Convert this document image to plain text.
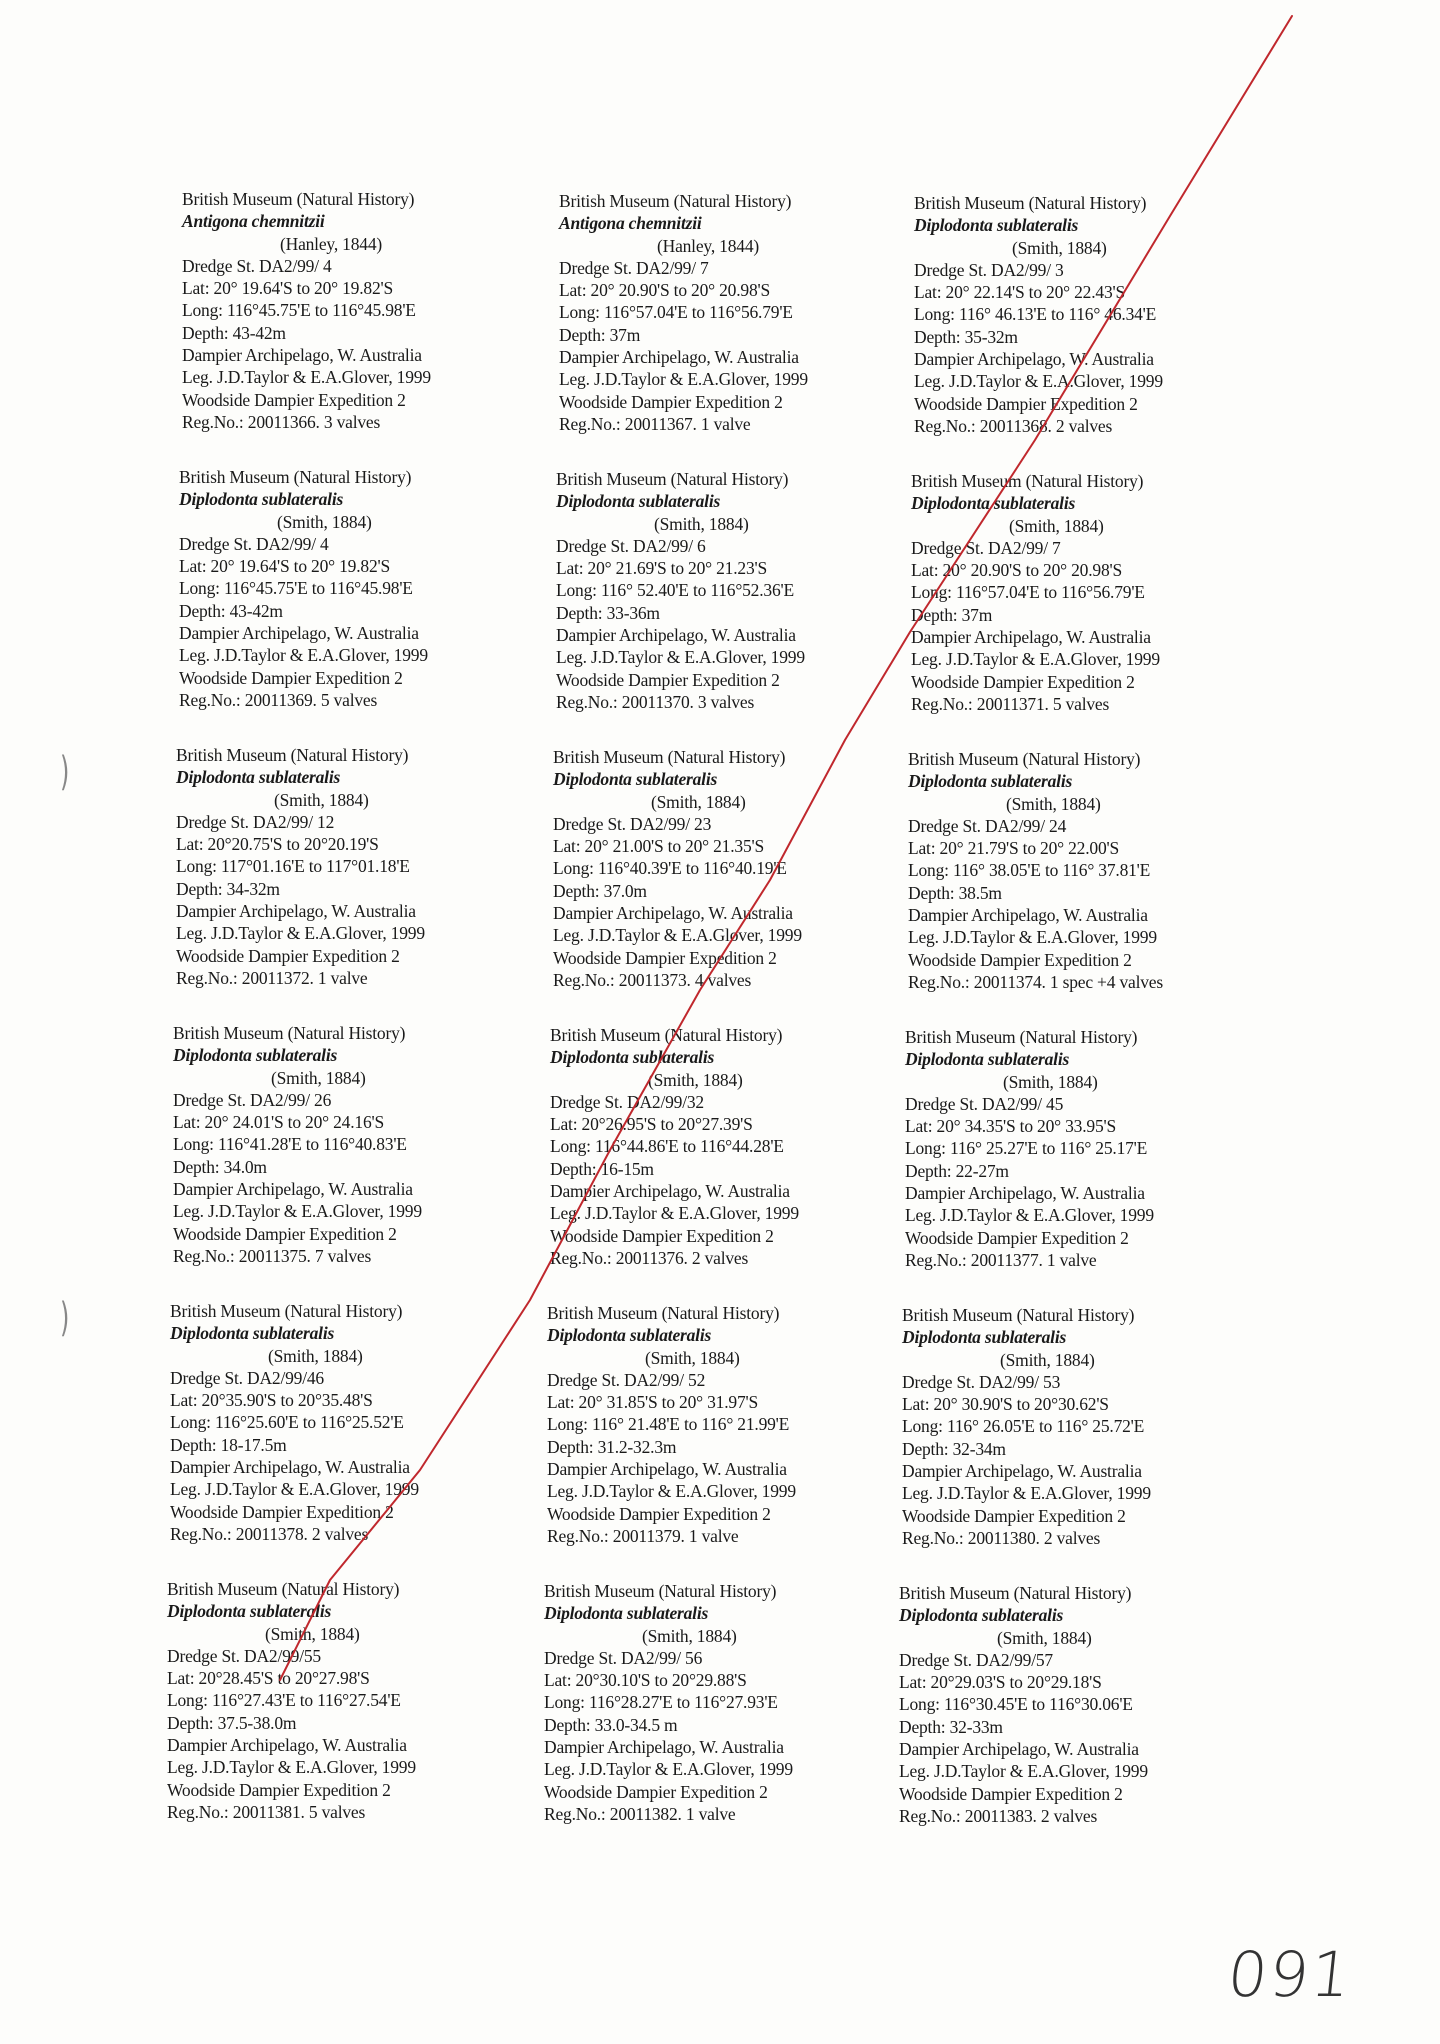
British Museum (Natural History)
Antigona chemnitzii
(Hanley, 1844)
Dredge St. DA2/99/ 4
Lat: 20° 19.64'S to 20° 19.82'S
Long: 116°45.75'E to 116°45.98'E
Depth: 43-42m
Dampier Archipelago, W. Australia
Leg. J.D.Taylor & E.A.Glover, 1999
Woodside Dampier Expedition 2
Reg.No.: 20011366. 3 valves
British Museum (Natural History)
Antigona chemnitzii
(Hanley, 1844)
Dredge St. DA2/99/ 7
Lat: 20° 20.90'S to 20° 20.98'S
Long: 116°57.04'E to 116°56.79'E
Depth: 37m
Dampier Archipelago, W. Australia
Leg. J.D.Taylor & E.A.Glover, 1999
Woodside Dampier Expedition 2
Reg.No.: 20011367. 1 valve
British Museum (Natural History)
Diplodonta sublateralis
(Smith, 1884)
Dredge St. DA2/99/ 3
Lat: 20° 22.14'S to 20° 22.43'S
Long: 116° 46.13'E to 116° 46.34'E
Depth: 35-32m
Dampier Archipelago, W. Australia
Leg. J.D.Taylor & E.A.Glover, 1999
Woodside Dampier Expedition 2
Reg.No.: 20011368. 2 valves
British Museum (Natural History)
Diplodonta sublateralis
(Smith, 1884)
Dredge St. DA2/99/ 4
Lat: 20° 19.64'S to 20° 19.82'S
Long: 116°45.75'E to 116°45.98'E
Depth: 43-42m
Dampier Archipelago, W. Australia
Leg. J.D.Taylor & E.A.Glover, 1999
Woodside Dampier Expedition 2
Reg.No.: 20011369. 5 valves
British Museum (Natural History)
Diplodonta sublateralis
(Smith, 1884)
Dredge St. DA2/99/ 6
Lat: 20° 21.69'S to 20° 21.23'S
Long: 116° 52.40'E to 116°52.36'E
Depth: 33-36m
Dampier Archipelago, W. Australia
Leg. J.D.Taylor & E.A.Glover, 1999
Woodside Dampier Expedition 2
Reg.No.: 20011370. 3 valves
British Museum (Natural History)
Diplodonta sublateralis
(Smith, 1884)
Dredge St. DA2/99/ 7
Lat: 20° 20.90'S to 20° 20.98'S
Long: 116°57.04'E to 116°56.79'E
Depth: 37m
Dampier Archipelago, W. Australia
Leg. J.D.Taylor & E.A.Glover, 1999
Woodside Dampier Expedition 2
Reg.No.: 20011371. 5 valves
British Museum (Natural History)
Diplodonta sublateralis
(Smith, 1884)
Dredge St. DA2/99/ 12
Lat: 20°20.75'S to 20°20.19'S
Long: 117°01.16'E to 117°01.18'E
Depth: 34-32m
Dampier Archipelago, W. Australia
Leg. J.D.Taylor & E.A.Glover, 1999
Woodside Dampier Expedition 2
Reg.No.: 20011372. 1 valve
British Museum (Natural History)
Diplodonta sublateralis
(Smith, 1884)
Dredge St. DA2/99/ 23
Lat: 20° 21.00'S to 20° 21.35'S
Long: 116°40.39'E to 116°40.19'E
Depth: 37.0m
Dampier Archipelago, W. Australia
Leg. J.D.Taylor & E.A.Glover, 1999
Woodside Dampier Expedition 2
Reg.No.: 20011373. 4 valves
British Museum (Natural History)
Diplodonta sublateralis
(Smith, 1884)
Dredge St. DA2/99/ 24
Lat: 20° 21.79'S to 20° 22.00'S
Long: 116° 38.05'E to 116° 37.81'E
Depth: 38.5m
Dampier Archipelago, W. Australia
Leg. J.D.Taylor & E.A.Glover, 1999
Woodside Dampier Expedition 2
Reg.No.: 20011374. 1 spec +4 valves
British Museum (Natural History)
Diplodonta sublateralis
(Smith, 1884)
Dredge St. DA2/99/ 26
Lat: 20° 24.01'S to 20° 24.16'S
Long: 116°41.28'E to 116°40.83'E
Depth: 34.0m
Dampier Archipelago, W. Australia
Leg. J.D.Taylor & E.A.Glover, 1999
Woodside Dampier Expedition 2
Reg.No.: 20011375. 7 valves
British Museum (Natural History)
Diplodonta sublateralis
(Smith, 1884)
Dredge St. DA2/99/32
Lat: 20°26.95'S to 20°27.39'S
Long: 116°44.86'E to 116°44.28'E
Depth: 16-15m
Dampier Archipelago, W. Australia
Leg. J.D.Taylor & E.A.Glover, 1999
Woodside Dampier Expedition 2
Reg.No.: 20011376. 2 valves
British Museum (Natural History)
Diplodonta sublateralis
(Smith, 1884)
Dredge St. DA2/99/ 45
Lat: 20° 34.35'S to 20° 33.95'S
Long: 116° 25.27'E to 116° 25.17'E
Depth: 22-27m
Dampier Archipelago, W. Australia
Leg. J.D.Taylor & E.A.Glover, 1999
Woodside Dampier Expedition 2
Reg.No.: 20011377. 1 valve
British Museum (Natural History)
Diplodonta sublateralis
(Smith, 1884)
Dredge St. DA2/99/46
Lat: 20°35.90'S to 20°35.48'S
Long: 116°25.60'E to 116°25.52'E
Depth: 18-17.5m
Dampier Archipelago, W. Australia
Leg. J.D.Taylor & E.A.Glover, 1999
Woodside Dampier Expedition 2
Reg.No.: 20011378. 2 valves
British Museum (Natural History)
Diplodonta sublateralis
(Smith, 1884)
Dredge St. DA2/99/ 52
Lat: 20° 31.85'S to 20° 31.97'S
Long: 116° 21.48'E to 116° 21.99'E
Depth: 31.2-32.3m
Dampier Archipelago, W. Australia
Leg. J.D.Taylor & E.A.Glover, 1999
Woodside Dampier Expedition 2
Reg.No.: 20011379. 1 valve
British Museum (Natural History)
Diplodonta sublateralis
(Smith, 1884)
Dredge St. DA2/99/ 53
Lat: 20° 30.90'S to 20°30.62'S
Long: 116° 26.05'E to 116° 25.72'E
Depth: 32-34m
Dampier Archipelago, W. Australia
Leg. J.D.Taylor & E.A.Glover, 1999
Woodside Dampier Expedition 2
Reg.No.: 20011380. 2 valves
British Museum (Natural History)
Diplodonta sublateralis
(Smith, 1884)
Dredge St. DA2/99/55
Lat: 20°28.45'S to 20°27.98'S
Long: 116°27.43'E to 116°27.54'E
Depth: 37.5-38.0m
Dampier Archipelago, W. Australia
Leg. J.D.Taylor & E.A.Glover, 1999
Woodside Dampier Expedition 2
Reg.No.: 20011381. 5 valves
British Museum (Natural History)
Diplodonta sublateralis
(Smith, 1884)
Dredge St. DA2/99/ 56
Lat: 20°30.10'S to 20°29.88'S
Long: 116°28.27'E to 116°27.93'E
Depth: 33.0-34.5 m
Dampier Archipelago, W. Australia
Leg. J.D.Taylor & E.A.Glover, 1999
Woodside Dampier Expedition 2
Reg.No.: 20011382. 1 valve
British Museum (Natural History)
Diplodonta sublateralis
(Smith, 1884)
Dredge St. DA2/99/57
Lat: 20°29.03'S to 20°29.18'S
Long: 116°30.45'E to 116°30.06'E
Depth: 32-33m
Dampier Archipelago, W. Australia
Leg. J.D.Taylor & E.A.Glover, 1999
Woodside Dampier Expedition 2
Reg.No.: 20011383. 2 valves
)
)
091
